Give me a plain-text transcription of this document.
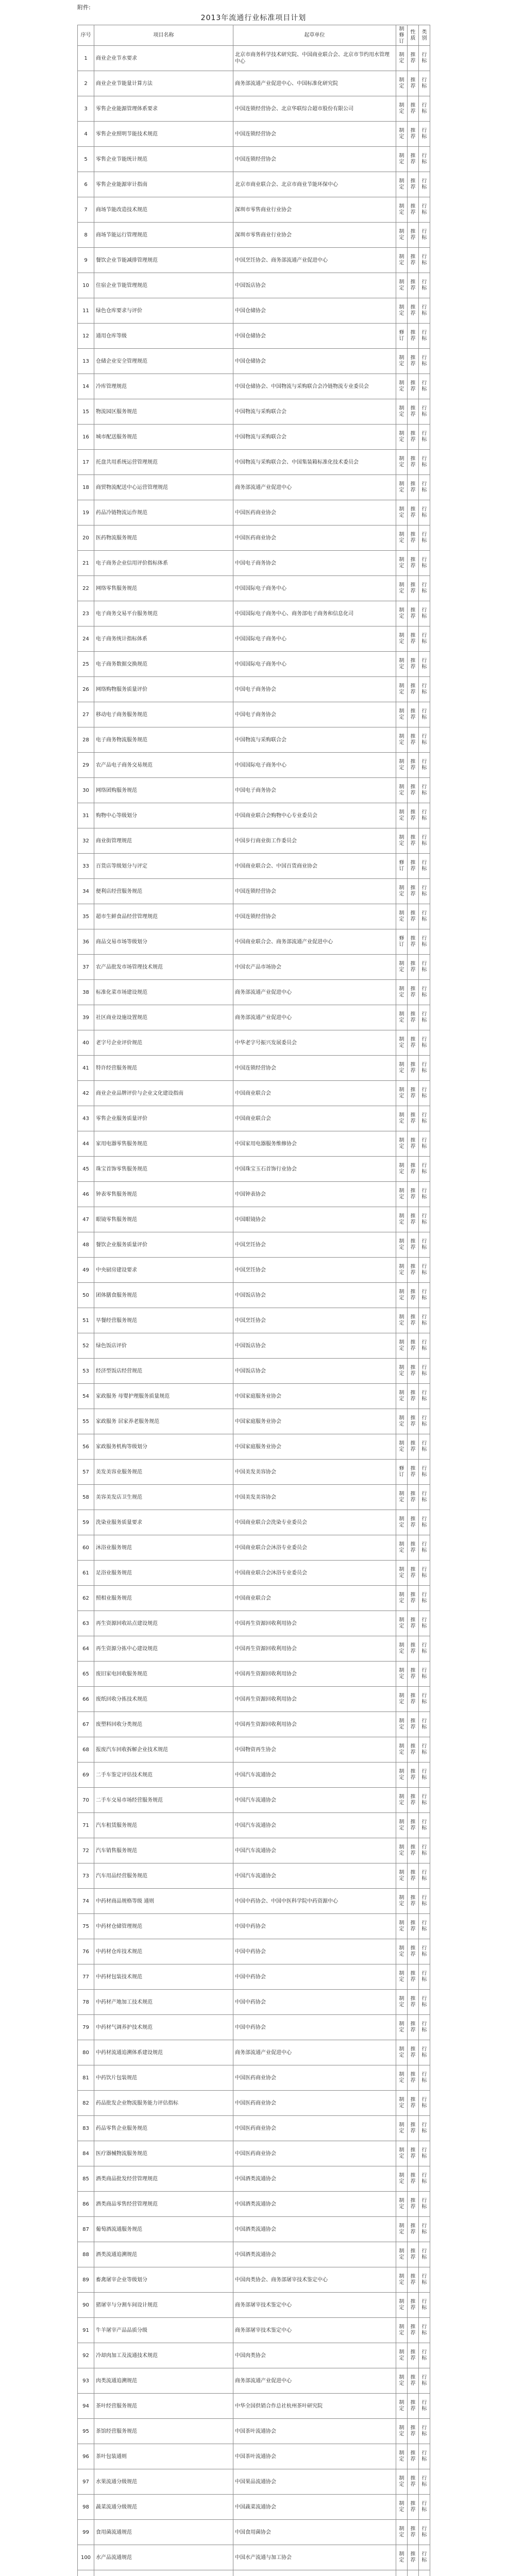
附件:
2013年流通行业标准项目计划
序号	项目名称	起草单位	制修订	性质	类别

1	商业企业节水要求	北京市商务科学技术研究院、中国商业联合会、北京市节约用水管理中心	制定	推荐	行标

2	商业企业节能量计算方法	商务部流通产业促进中心、中国标准化研究院	制定	推荐	行标

3	零售企业能源管理体系要求	中国连锁经营协会、北京华联综合超市股份有限公司	制定	推荐	行标

4	零售企业照明节能技术规范	中国连锁经营协会	制定	推荐	行标

5	零售企业节能统计规范	中国连锁经营协会	制定	推荐	行标

6	零售企业能源审计指南	北京市商业联合会、北京市商业节能环保中心	制定	推荐	行标

7	商场节能改造技术规范	深圳市零售商业行业协会	制定	推荐	行标

8	商场节能运行管理规范	深圳市零售商业行业协会	制定	推荐	行标

9	餐饮企业节能减排管理规范	中国烹饪协会、商务部流通产业促进中心	制定	推荐	行标

10	住宿企业节能管理规范	中国饭店协会	制定	推荐	行标

11	绿色仓库要求与评价	中国仓储协会	制定	推荐	行标

12	通用仓库等级	中国仓储协会	修订	推荐	行标

13	仓储企业安全管理规范	中国仓储协会	制定	推荐	行标

14	冷库管理规范	中国仓储协会、中国物流与采购联合会冷链物流专业委员会	制定	推荐	行标

15	物流园区服务规范	中国物流与采购联合会	制定	推荐	行标

16	城市配送服务规范	中国物流与采购联合会	制定	推荐	行标

17	托盘共用系统运营管理规范	中国物流与采购联合会、中国集装箱标准化技术委员会	制定	推荐	行标

18	商贸物流配送中心运营管理规范	商务部流通产业促进中心	制定	推荐	行标

19	药品冷链物流运作规范	中国医药商业协会	制定	推荐	行标

20	医药物流服务规范	中国医药商业协会	制定	推荐	行标

21	电子商务企业信用评价指标体系	中国电子商务协会	制定	推荐	行标

22	网络零售服务规范	中国国际电子商务中心	制定	推荐	行标

23	电子商务交易平台服务规范	中国国际电子商务中心、商务部电子商务和信息化司	制定	推荐	行标

24	电子商务统计指标体系	中国国际电子商务中心	制定	推荐	行标

25	电子商务数据交换规范	中国国际电子商务中心	制定	推荐	行标

26	网络购物服务质量评价	中国电子商务协会	制定	推荐	行标

27	移动电子商务服务规范	中国电子商务协会	制定	推荐	行标

28	电子商务物流服务规范	中国物流与采购联合会	制定	推荐	行标

29	农产品电子商务交易规范	中国国际电子商务中心	制定	推荐	行标

30	网络团购服务规范	中国电子商务协会	制定	推荐	行标

31	购物中心等级划分	中国商业联合会购物中心专业委员会	制定	推荐	行标

32	商业街管理规范	中国步行商业街工作委员会	制定	推荐	行标

33	百货店等级划分与评定	中国商业联合会、中国百货商业协会	修订	推荐	行标

34	便利店经营服务规范	中国连锁经营协会	制定	推荐	行标

35	超市生鲜食品经营管理规范	中国连锁经营协会	制定	推荐	行标

36	商品交易市场等级划分	中国商业联合会、商务部流通产业促进中心	修订	推荐	行标

37	农产品批发市场管理技术规范	中国农产品市场协会	制定	推荐	行标

38	标准化菜市场建设规范	商务部流通产业促进中心	制定	推荐	行标

39	社区商业设施设置规范	商务部流通产业促进中心	制定	推荐	行标

40	老字号企业评价规范	中华老字号振兴发展委员会	制定	推荐	行标

41	特许经营服务规范	中国连锁经营协会	制定	推荐	行标

42	商业企业品牌评价与企业文化建设指南	中国商业联合会	制定	推荐	行标

43	零售企业服务质量评价	中国商业联合会	制定	推荐	行标

44	家用电器零售服务规范	中国家用电器服务维修协会	制定	推荐	行标

45	珠宝首饰零售服务规范	中国珠宝玉石首饰行业协会	制定	推荐	行标

46	钟表零售服务规范	中国钟表协会	制定	推荐	行标

47	眼镜零售服务规范	中国眼镜协会	制定	推荐	行标

48	餐饮企业服务质量评价	中国烹饪协会	制定	推荐	行标

49	中央厨房建设要求	中国烹饪协会	制定	推荐	行标

50	团体膳食服务规范	中国饭店协会	制定	推荐	行标

51	早餐经营服务规范	中国烹饪协会	制定	推荐	行标

52	绿色饭店评价	中国饭店协会	制定	推荐	行标

53	经济型饭店经营规范	中国饭店协会	制定	推荐	行标

54	家政服务 母婴护理服务质量规范	中国家庭服务业协会	制定	推荐	行标

55	家政服务 居家养老服务规范	中国家庭服务业协会	制定	推荐	行标

56	家政服务机构等级划分	中国家庭服务业协会	制定	推荐	行标

57	美发美容业服务规范	中国美发美容协会	修订	推荐	行标

58	美容美发店卫生规范	中国美发美容协会	制定	推荐	行标

59	洗染业服务质量要求	中国商业联合会洗染专业委员会	制定	推荐	行标

60	沐浴业服务规范	中国商业联合会沐浴专业委员会	制定	推荐	行标

61	足浴业服务规范	中国商业联合会沐浴专业委员会	制定	推荐	行标

62	照相业服务规范	中国商业联合会	制定	推荐	行标

63	再生资源回收站点建设规范	中国再生资源回收利用协会	制定	推荐	行标

64	再生资源分拣中心建设规范	中国再生资源回收利用协会	制定	推荐	行标

65	废旧家电回收服务规范	中国再生资源回收利用协会	制定	推荐	行标

66	废纸回收分拣技术规范	中国再生资源回收利用协会	制定	推荐	行标

67	废塑料回收分类规范	中国再生资源回收利用协会	制定	推荐	行标

68	报废汽车回收拆解企业技术规范	中国物资再生协会	制定	推荐	行标

69	二手车鉴定评估技术规范	中国汽车流通协会	制定	推荐	行标

70	二手车交易市场经营服务规范	中国汽车流通协会	制定	推荐	行标

71	汽车租赁服务规范	中国汽车流通协会	制定	推荐	行标

72	汽车销售服务规范	中国汽车流通协会	制定	推荐	行标

73	汽车用品经营服务规范	中国汽车流通协会	制定	推荐	行标

74	中药材商品规格等级 通则	中国中药协会、中国中医科学院中药资源中心	制定	推荐	行标

75	中药材仓储管理规范	中国中药协会	制定	推荐	行标

76	中药材仓库技术规范	中国中药协会	制定	推荐	行标

77	中药材包装技术规范	中国中药协会	制定	推荐	行标

78	中药材产地加工技术规范	中国中药协会	制定	推荐	行标

79	中药材气调养护技术规范	中国中药协会	制定	推荐	行标

80	中药材流通追溯体系建设规范	商务部流通产业促进中心	制定	推荐	行标

81	中药饮片包装规范	中国医药商业协会	制定	推荐	行标

82	药品批发企业物流服务能力评估指标	中国医药商业协会	制定	推荐	行标

83	药品零售企业服务规范	中国医药商业协会	制定	推荐	行标

84	医疗器械物流服务规范	中国医药商业协会	制定	推荐	行标

85	酒类商品批发经营管理规范	中国酒类流通协会	制定	推荐	行标

86	酒类商品零售经营管理规范	中国酒类流通协会	制定	推荐	行标

87	葡萄酒流通服务规范	中国酒类流通协会	制定	推荐	行标

88	酒类流通追溯规范	中国酒类流通协会	制定	推荐	行标

89	畜禽屠宰企业等级划分	中国肉类协会、商务部屠宰技术鉴定中心	制定	推荐	行标

90	猪屠宰与分割车间设计规范	商务部屠宰技术鉴定中心	制定	推荐	行标

91	牛羊屠宰产品品质分级	商务部屠宰技术鉴定中心	制定	推荐	行标

92	冷却肉加工及流通技术规范	中国肉类协会	制定	推荐	行标

93	肉类流通追溯规范	商务部流通产业促进中心	制定	推荐	行标

94	茶叶经营服务规范	中华全国供销合作总社杭州茶叶研究院	制定	推荐	行标

95	茶馆经营服务规范	中国茶叶流通协会	制定	推荐	行标

96	茶叶包装通则	中国茶叶流通协会	制定	推荐	行标

97	水果流通分级规范	中国果品流通协会	制定	推荐	行标

98	蔬菜流通分级规范	中国蔬菜流通协会	制定	推荐	行标

99	食用菌流通规范	中国食用菌协会	制定	推荐	行标

100	水产品流通规范	中国水产流通与加工协会	制定	推荐	行标
